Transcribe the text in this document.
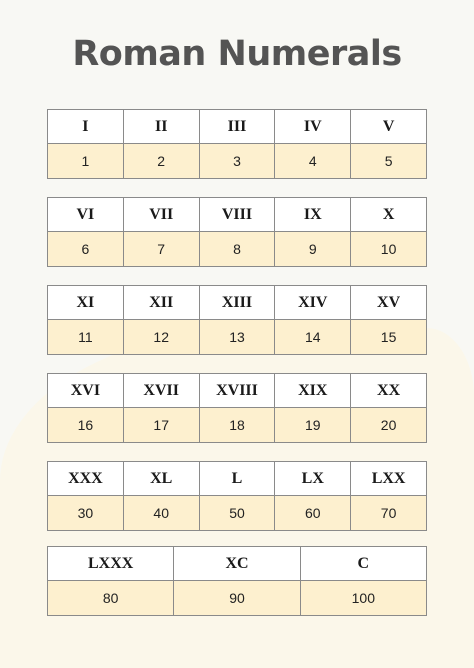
Roman Numerals
I	II	III	IV	V
1	2	3	4	5
VI	VII	VIII	IX	X
6	7	8	9	10
XI	XII	XIII	XIV	XV
11	12	13	14	15
XVI	XVII	XVIII	XIX	XX
16	17	18	19	20
XXX	XL	L	LX	LXX
30	40	50	60	70
LXXX	XC	C
80	90	100
